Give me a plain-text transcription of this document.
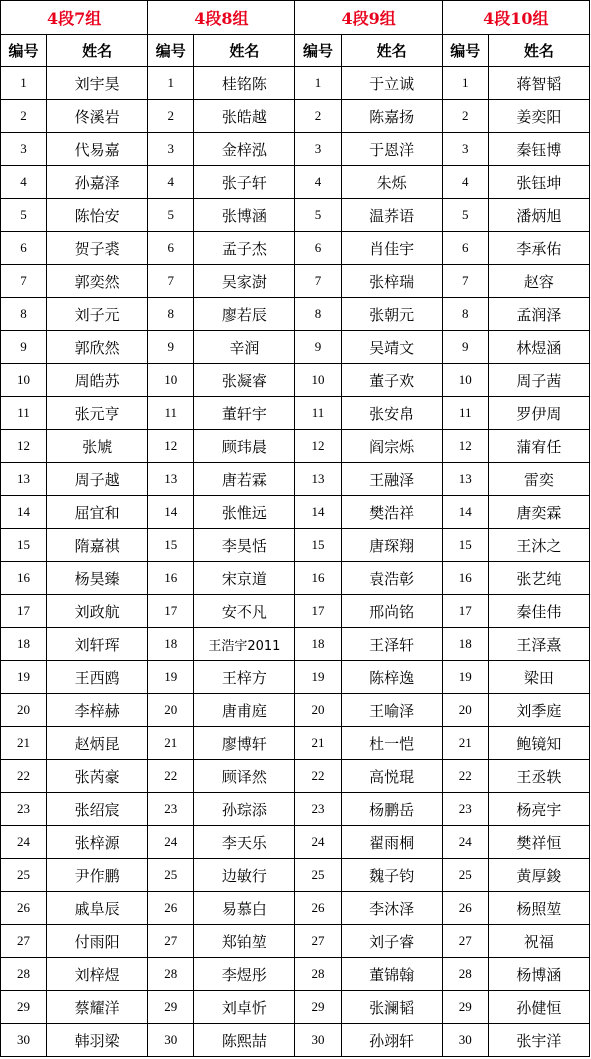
4段7组		4段8组		4段9组		4段10组	
编号	姓名	编号	姓名	编号	姓名	编号	姓名
1	刘宇昊	1	桂铭陈	1	于立诚	1	蒋智韬
2	佟溪岩	2	张皓越	2	陈嘉扬	2	姜奕阳
3	代易嘉	3	金梓泓	3	于恩洋	3	秦钰博
4	孙嘉泽	4	张子轩	4	朱烁	4	张钰坤
5	陈怡安	5	张博涵	5	温荞语	5	潘炳旭
6	贺子裘	6	孟子杰	6	肖佳宇	6	李承佑
7	郭奕然	7	吴家澍	7	张梓瑞	7	赵容
8	刘子元	8	廖若辰	8	张朝元	8	孟润泽
9	郭欣然	9	辛润	9	吴靖文	9	林煜涵
10	周皓苏	10	张凝睿	10	董子欢	10	周子茜
11	张元亨	11	董轩宇	11	张安帛	11	罗伊周
12	张虓	12	顾玮晨	12	阎宗烁	12	蒲宥任
13	周子越	13	唐若霖	13	王融泽	13	雷奕
14	屈宜和	14	张惟远	14	樊浩祥	14	唐奕霖
15	隋嘉祺	15	李昊恬	15	唐琛翔	15	王沐之
16	杨昊臻	16	宋京道	16	袁浩彰	16	张艺纯
17	刘政航	17	安不凡	17	邢尚铭	17	秦佳伟
18	刘轩珲	18	王浩宇2011	18	王泽轩	18	王泽熹
19	王西鸥	19	王梓方	19	陈梓逸	19	梁田
20	李梓赫	20	唐甫庭	20	王喻泽	20	刘季庭
21	赵炳昆	21	廖博轩	21	杜一恺	21	鲍镜知
22	张芮豪	22	顾译然	22	高悦琨	22	王丞轶
23	张绍宸	23	孙琮添	23	杨鹏岳	23	杨亮宇
24	张梓源	24	李天乐	24	翟雨桐	24	樊祥恒
25	尹作鹏	25	边敏行	25	魏子钧	25	黄厚鋑
26	戚阜辰	26	易慕白	26	李沐泽	26	杨照堃
27	付雨阳	27	郑铂堃	27	刘子睿	27	祝福
28	刘梓煜	28	李煜彤	28	董锦翰	28	杨博涵
29	蔡耀洋	29	刘卓忻	29	张澜韬	29	孙健恒
30	韩羽梁	30	陈熙喆	30	孙翊轩	30	张宇洋
